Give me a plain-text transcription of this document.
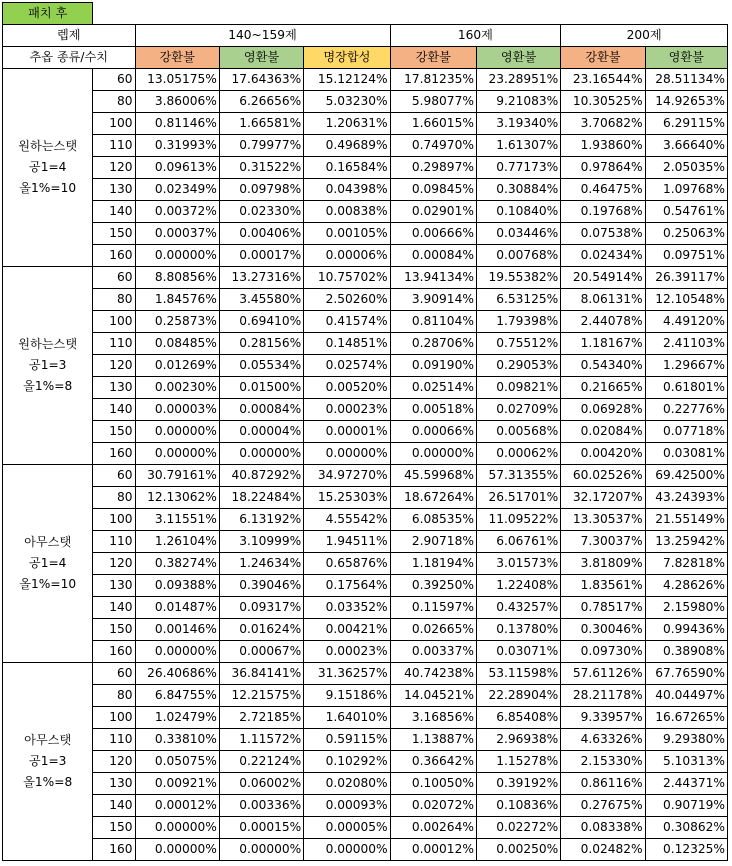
패치 후								
렙제		140~159제			160제		200제	
추옵 종류/수치		강환불	영환불	명장합성	강환불	영환불	강환불	영환불

원하는스탯
공1=4
올1%=10	60	13.05175%	17.64363%	15.12124%	17.81235%	23.28951%	23.16544%	28.51134%
	80	3.86006%	6.26656%	5.03230%	5.98077%	9.21083%	10.30525%	14.92653%
	100	0.81146%	1.66581%	1.20631%	1.66015%	3.19340%	3.70682%	6.29115%
	110	0.31993%	0.79977%	0.49689%	0.74970%	1.61307%	1.93860%	3.66640%
	120	0.09613%	0.31522%	0.16584%	0.29897%	0.77173%	0.97864%	2.05035%
	130	0.02349%	0.09798%	0.04398%	0.09845%	0.30884%	0.46475%	1.09768%
	140	0.00372%	0.02330%	0.00838%	0.02901%	0.10840%	0.19768%	0.54761%
	150	0.00037%	0.00406%	0.00105%	0.00666%	0.03446%	0.07538%	0.25063%
	160	0.00000%	0.00017%	0.00006%	0.00084%	0.00768%	0.02434%	0.09751%

원하는스탯
공1=3
올1%=8	60	8.80856%	13.27316%	10.75702%	13.94134%	19.55382%	20.54914%	26.39117%
	80	1.84576%	3.45580%	2.50260%	3.90914%	6.53125%	8.06131%	12.10548%
	100	0.25873%	0.69410%	0.41574%	0.81104%	1.79398%	2.44078%	4.49120%
	110	0.08485%	0.28156%	0.14851%	0.28706%	0.75512%	1.18167%	2.41103%
	120	0.01269%	0.05534%	0.02574%	0.09190%	0.29053%	0.54340%	1.29667%
	130	0.00230%	0.01500%	0.00520%	0.02514%	0.09821%	0.21665%	0.61801%
	140	0.00003%	0.00084%	0.00023%	0.00518%	0.02709%	0.06928%	0.22776%
	150	0.00000%	0.00004%	0.00001%	0.00066%	0.00568%	0.02084%	0.07718%
	160	0.00000%	0.00000%	0.00000%	0.00000%	0.00062%	0.00420%	0.03081%

아무스탯
공1=4
올1%=10	60	30.79161%	40.87292%	34.97270%	45.59968%	57.31355%	60.02526%	69.42500%
	80	12.13062%	18.22484%	15.25303%	18.67264%	26.51701%	32.17207%	43.24393%
	100	3.11551%	6.13192%	4.55542%	6.08535%	11.09522%	13.30537%	21.55149%
	110	1.26104%	3.10999%	1.94511%	2.90718%	6.06761%	7.30037%	13.25942%
	120	0.38274%	1.24634%	0.65876%	1.18194%	3.01573%	3.81809%	7.82818%
	130	0.09388%	0.39046%	0.17564%	0.39250%	1.22408%	1.83561%	4.28626%
	140	0.01487%	0.09317%	0.03352%	0.11597%	0.43257%	0.78517%	2.15980%
	150	0.00146%	0.01624%	0.00421%	0.02665%	0.13780%	0.30046%	0.99436%
	160	0.00000%	0.00067%	0.00023%	0.00337%	0.03071%	0.09730%	0.38908%

아무스탯
공1=3
올1%=8	60	26.40686%	36.84141%	31.36257%	40.74238%	53.11598%	57.61126%	67.76590%
	80	6.84755%	12.21575%	9.15186%	14.04521%	22.28904%	28.21178%	40.04497%
	100	1.02479%	2.72185%	1.64010%	3.16856%	6.85408%	9.33957%	16.67265%
	110	0.33810%	1.11572%	0.59115%	1.13887%	2.96938%	4.63326%	9.29380%
	120	0.05075%	0.22124%	0.10292%	0.36642%	1.15278%	2.15330%	5.10313%
	130	0.00921%	0.06002%	0.02080%	0.10050%	0.39192%	0.86116%	2.44371%
	140	0.00012%	0.00336%	0.00093%	0.02072%	0.10836%	0.27675%	0.90719%
	150	0.00000%	0.00015%	0.00005%	0.00264%	0.02272%	0.08338%	0.30862%
	160	0.00000%	0.00000%	0.00000%	0.00012%	0.00250%	0.02482%	0.12325%
